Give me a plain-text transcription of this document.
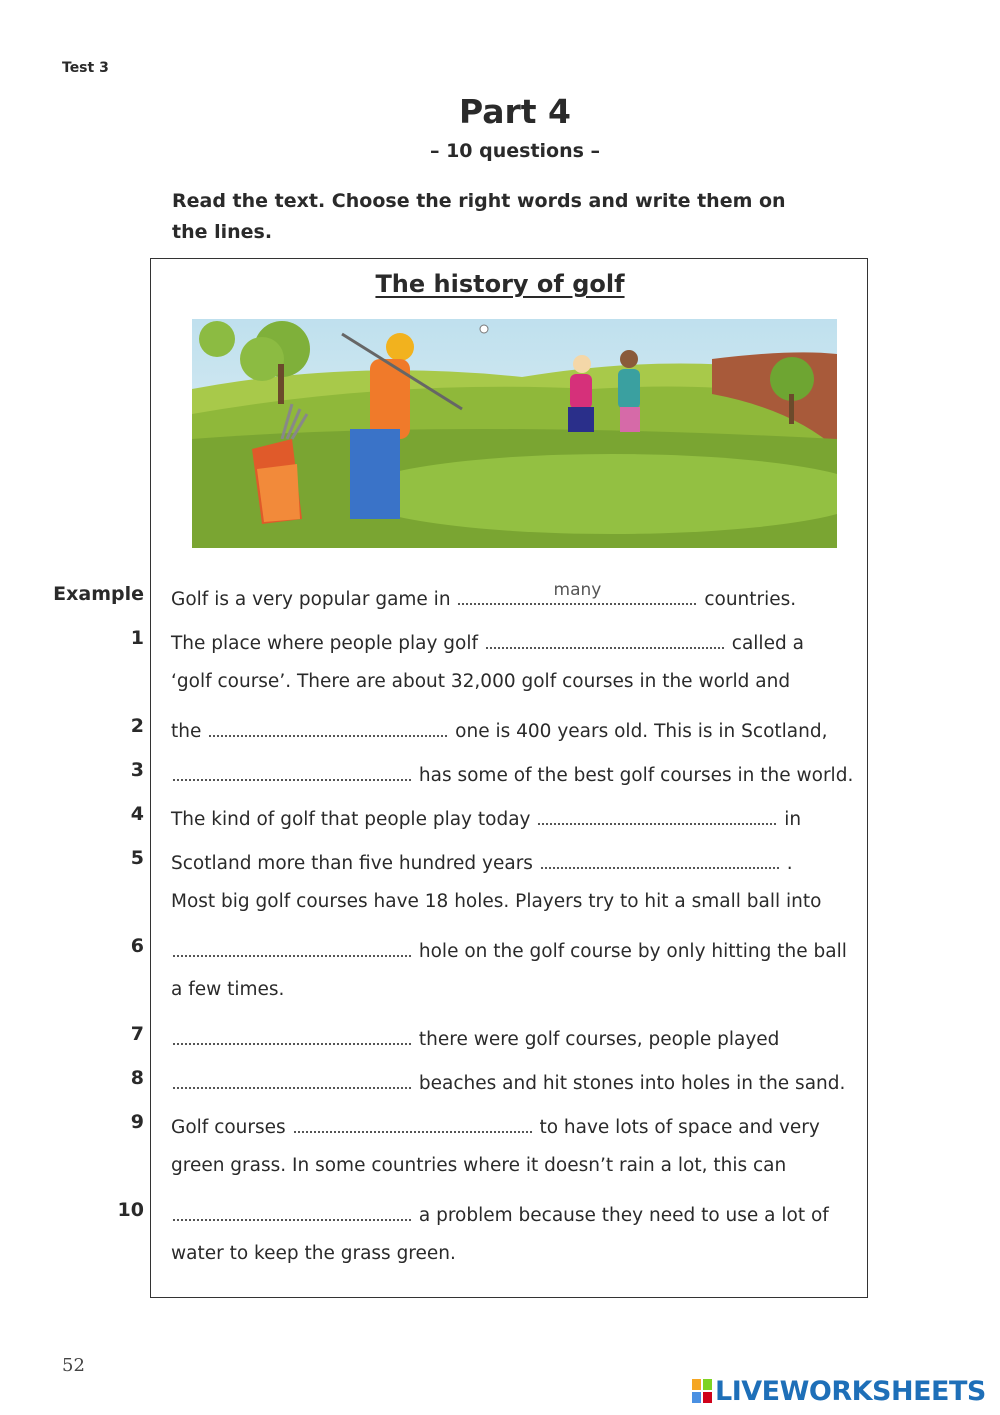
Test 3
Part 4
– 10 questions –
Read the text. Choose the right words and write them on the lines.
The history of golf
Example Golf is a very popular game in	many	countries.
1 The place where people play golf	called a
‘golf course’. There are about 32,000 golf courses in the world and
2 the	one is 400 years old. This is in Scotland,
3	has some of the best golf courses in the world.
4 The kind of golf that people play today	in
5 Scotland more than five hundred years	.
Most big golf courses have 18 holes. Players try to hit a small ball into
6	hole on the golf course by only hitting the ball
a few times.
7	there were golf courses, people played
8	beaches and hit stones into holes in the sand.
9 Golf courses	to have lots of space and very
green grass. In some countries where it doesn’t rain a lot, this can
10	a problem because they need to use a lot of
water to keep the grass green.
52
LIVEWORKSHEETS
